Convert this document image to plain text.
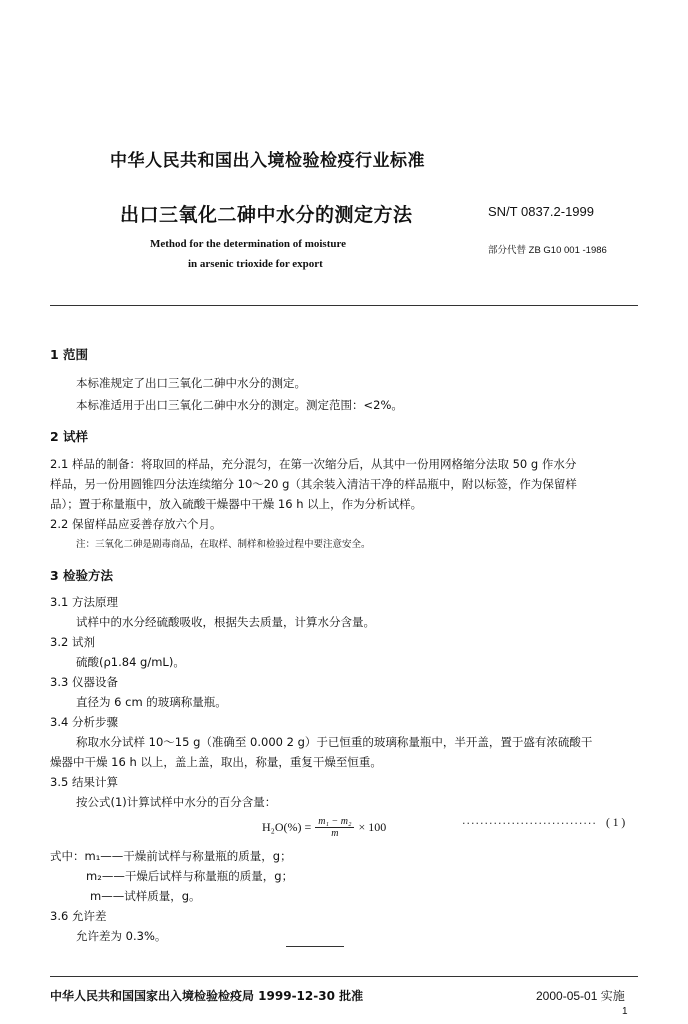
中华人民共和国出入境检验检疫行业标准
出口三氧化二砷中水分的测定方法	SN/T 0837.2-1999
Method for the determination of moisture
in arsenic trioxide for export
部分代替 ZB G10 001 -1986
1 范围
本标准规定了出口三氧化二砷中水分的测定。
本标准适用于出口三氧化二砷中水分的测定。测定范围：<2%。
2 试样
2.1 样品的制备：将取回的样品，充分混匀，在第一次缩分后，从其中一份用网格缩分法取 50 g 作水分
样品，另一份用圆锥四分法连续缩分 10～20 g（其余装入清洁干净的样品瓶中，附以标签，作为保留样
品）；置于称量瓶中，放入硫酸干燥器中干燥 16 h 以上，作为分析试样。
2.2 保留样品应妥善存放六个月。
注：三氧化二砷是剧毒商品，在取样、制样和检验过程中要注意安全。
3 检验方法
3.1 方法原理
试样中的水分经硫酸吸收，根据失去质量，计算水分含量。
3.2 试剂
硫酸(ρ1.84 g/mL)。
3.3 仪器设备
直径为 6 cm 的玻璃称量瓶。
3.4 分析步骤
称取水分试样 10～15 g（准确至 0.000 2 g）于已恒重的玻璃称量瓶中，半开盖，置于盛有浓硫酸干
燥器中干燥 16 h 以上，盖上盖，取出，称量，重复干燥至恒重。
3.5 结果计算
按公式(1)计算试样中水分的百分含量：
$H_2O(\%) = \frac{\text{m₁ − m₂}}{m} \times 100$	······························ ( 1 )
式中：m₁——干燥前试样与称量瓶的质量，g；
m₂——干燥后试样与称量瓶的质量，g；
m——试样质量，g。
3.6 允许差
允许差为 0.3%。
中华人民共和国国家出入境检验检疫局 1999-12-30 批准	2000-05-01 实施
1
